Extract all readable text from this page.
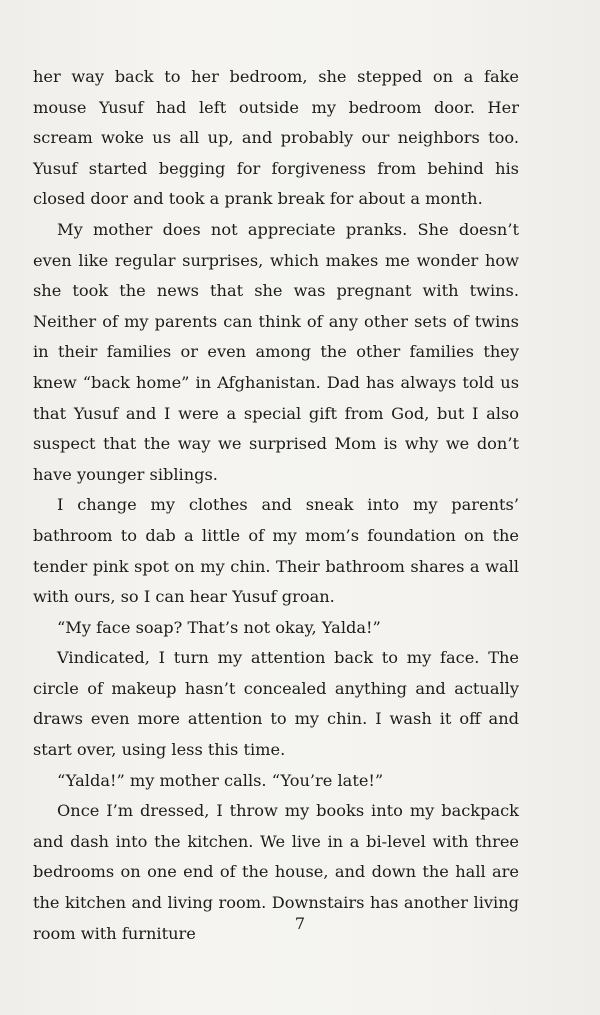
her way back to her bedroom, she stepped on a fake mouse Yusuf had left outside my bedroom door. Her scream woke us all up, and probably our neighbors too. Yusuf started begging for forgiveness from behind his closed door and took a prank break for about a month.

My mother does not appreciate pranks. She doesn’t even like regular surprises, which makes me wonder how she took the news that she was pregnant with twins. Neither of my parents can think of any other sets of twins in their families or even among the other families they knew “back home” in Afghanistan. Dad has always told us that Yusuf and I were a special gift from God, but I also suspect that the way we surprised Mom is why we don’t have younger siblings.

I change my clothes and sneak into my parents’ bathroom to dab a little of my mom’s foundation on the tender pink spot on my chin. Their bathroom shares a wall with ours, so I can hear Yusuf groan.

“My face soap? That’s not okay, Yalda!”

Vindicated, I turn my attention back to my face. The circle of makeup hasn’t concealed anything and actually draws even more attention to my chin. I wash it off and start over, using less this time.

“Yalda!” my mother calls. “You’re late!”

Once I’m dressed, I throw my books into my backpack and dash into the kitchen. We live in a bi-level with three bedrooms on one end of the house, and down the hall are the kitchen and living room. Downstairs has another living room with furniture

7
